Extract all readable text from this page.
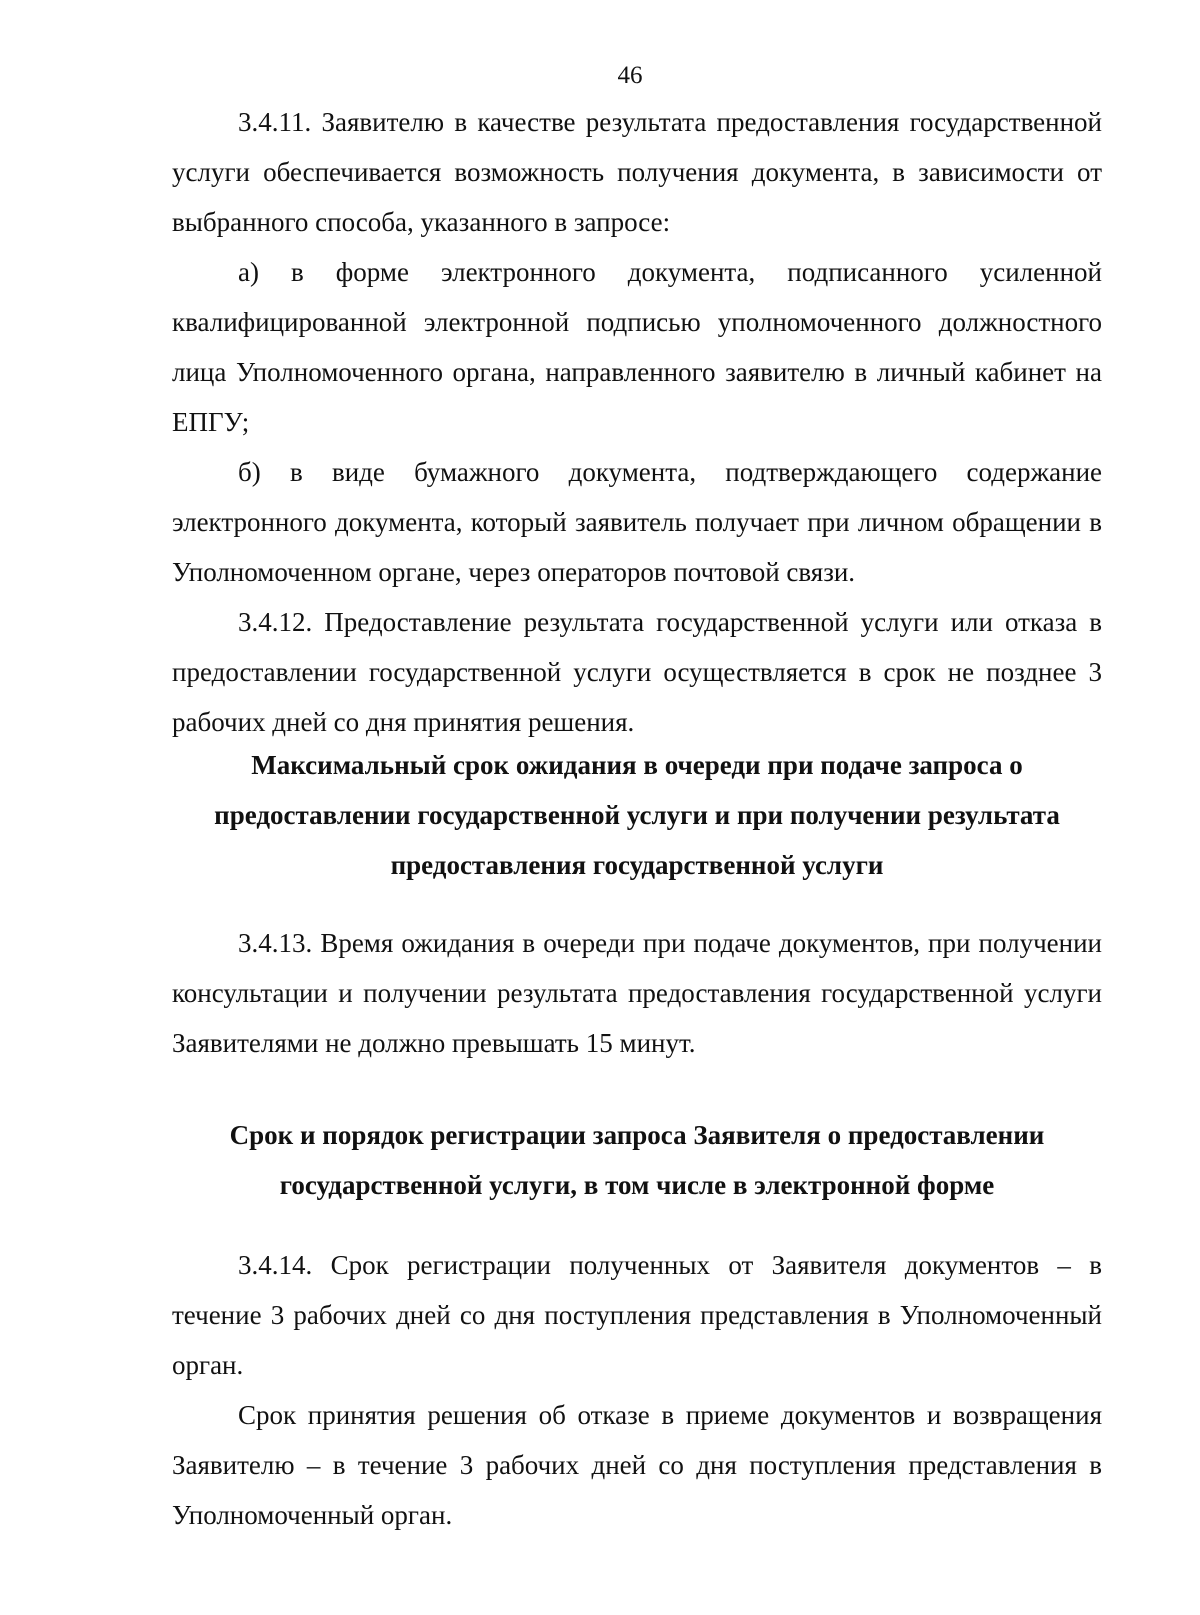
46

3.4.11. Заявителю в качестве результата предоставления государственной услуги обеспечивается возможность получения документа, в зависимости от выбранного способа, указанного в запросе:

а) в форме электронного документа, подписанного усиленной квалифицированной электронной подписью уполномоченного должностного лица Уполномоченного органа, направленного заявителю в личный кабинет на ЕПГУ;

б) в виде бумажного документа, подтверждающего содержание электронного документа, который заявитель получает при личном обращении в Уполномоченном органе, через операторов почтовой связи.

3.4.12. Предоставление результата государственной услуги или отказа в предоставлении государственной услуги осуществляется в срок не позднее 3 рабочих дней со дня принятия решения.

Максимальный срок ожидания в очереди при подаче запроса о
предоставлении государственной услуги и при получении результата
предоставления государственной услуги

3.4.13. Время ожидания в очереди при подаче документов, при получении консультации и получении результата предоставления государственной услуги Заявителями не должно превышать 15 минут.

Срок и порядок регистрации запроса Заявителя о предоставлении
государственной услуги, в том числе в электронной форме

3.4.14. Срок регистрации полученных от Заявителя документов – в течение 3 рабочих дней со дня поступления представления в Уполномоченный орган.

Срок принятия решения об отказе в приеме документов и возвращения Заявителю – в течение 3 рабочих дней со дня поступления представления в Уполномоченный орган.
